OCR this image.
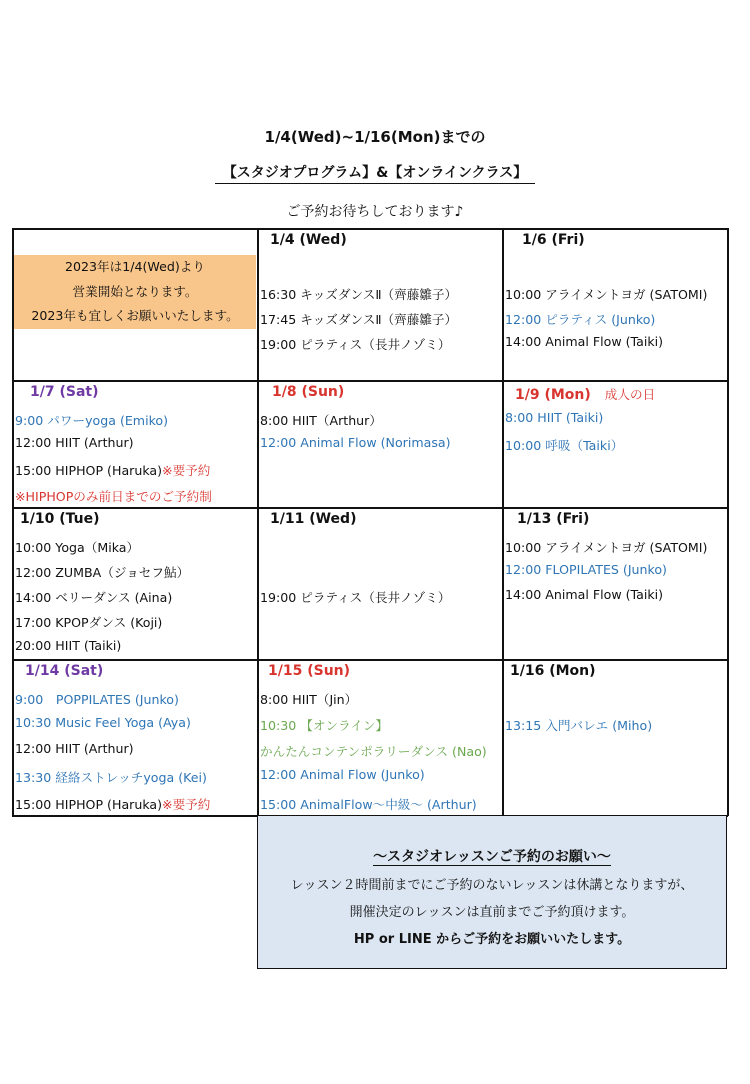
1/4(Wed)~1/16(Mon)までの
【スタジオプログラム】&【オンラインクラス】
ご予約お待ちしております♪
2023年は1/4(Wed)より
営業開始となります。
2023年も宜しくお願いいたします。
1/4 (Wed)
16:30 キッズダンスⅡ（齊藤雛子）
17:45 キッズダンスⅡ（齊藤雛子）
19:00 ピラティス（長井ノゾミ）
1/6 (Fri)
10:00 アライメントヨガ (SATOMI)
12:00 ピラティス (Junko)
14:00 Animal Flow (Taiki)
1/7 (Sat)
9:00 パワーyoga (Emiko)
12:00 HIIT (Arthur)
15:00 HIPHOP (Haruka)※要予約
※HIPHOPのみ前日までのご予約制
1/8 (Sun)
8:00 HIIT（Arthur）
12:00 Animal Flow (Norimasa)
1/9 (Mon) 成人の日
8:00 HIIT (Taiki)
10:00 呼吸（Taiki）
1/10 (Tue)
10:00 Yoga（Mika）
12:00 ZUMBA（ジョセフ鮎）
14:00 ベリーダンス (Aina)
17:00 KPOPダンス (Koji)
20:00 HIIT (Taiki)
1/11 (Wed)
19:00 ピラティス（長井ノゾミ）
1/13 (Fri)
10:00 アライメントヨガ (SATOMI)
12:00 FLOPILATES (Junko)
14:00 Animal Flow (Taiki)
1/14 (Sat)
9:00　POPPILATES (Junko)
10:30 Music Feel Yoga (Aya)
12:00 HIIT (Arthur)
13:30 経絡ストレッチyoga (Kei)
15:00 HIPHOP (Haruka)※要予約
1/15 (Sun)
8:00 HIIT（Jin）
10:30 【オンライン】
かんたんコンテンポラリーダンス (Nao)
12:00 Animal Flow (Junko)
15:00 AnimalFlow～中級～ (Arthur)
1/16 (Mon)
13:15 入門バレエ (Miho)
～スタジオレッスンご予約のお願い～
レッスン２時間前までにご予約のないレッスンは休講となりますが、
開催決定のレッスンは直前までご予約頂けます。
HP or LINE からご予約をお願いいたします。
